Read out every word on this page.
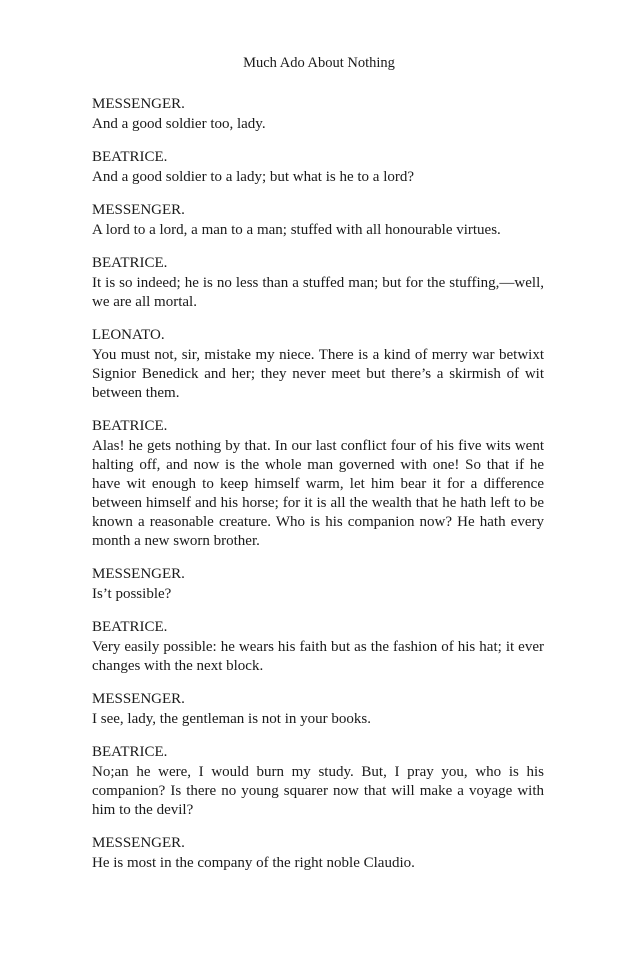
Much Ado About Nothing

MESSENGER.

And a good soldier too, lady.

BEATRICE.

And a good soldier to a lady; but what is he to a lord?

MESSENGER.

A lord to a lord, a man to a man; stuffed with all honourable virtues.

BEATRICE.

It is so indeed; he is no less than a stuffed man; but for the stuffing,—well, we are all mortal.

LEONATO.

You must not, sir, mistake my niece. There is a kind of merry war betwixt Signior Benedick and her; they never meet but there’s a skirmish of wit between them.

BEATRICE.

Alas! he gets nothing by that. In our last conflict four of his five wits went halting off, and now is the whole man governed with one! So that if he have wit enough to keep himself warm, let him bear it for a difference between himself and his horse; for it is all the wealth that he hath left to be known a reasonable creature. Who is his companion now? He hath every month a new sworn brother.

MESSENGER.

Is’t possible?

BEATRICE.

Very easily possible: he wears his faith but as the fashion of his hat; it ever changes with the next block.

MESSENGER.

I see, lady, the gentleman is not in your books.

BEATRICE.

No;an he were, I would burn my study. But, I pray you, who is his companion? Is there no young squarer now that will make a voyage with him to the devil?

MESSENGER.

He is most in the company of the right noble Claudio.
